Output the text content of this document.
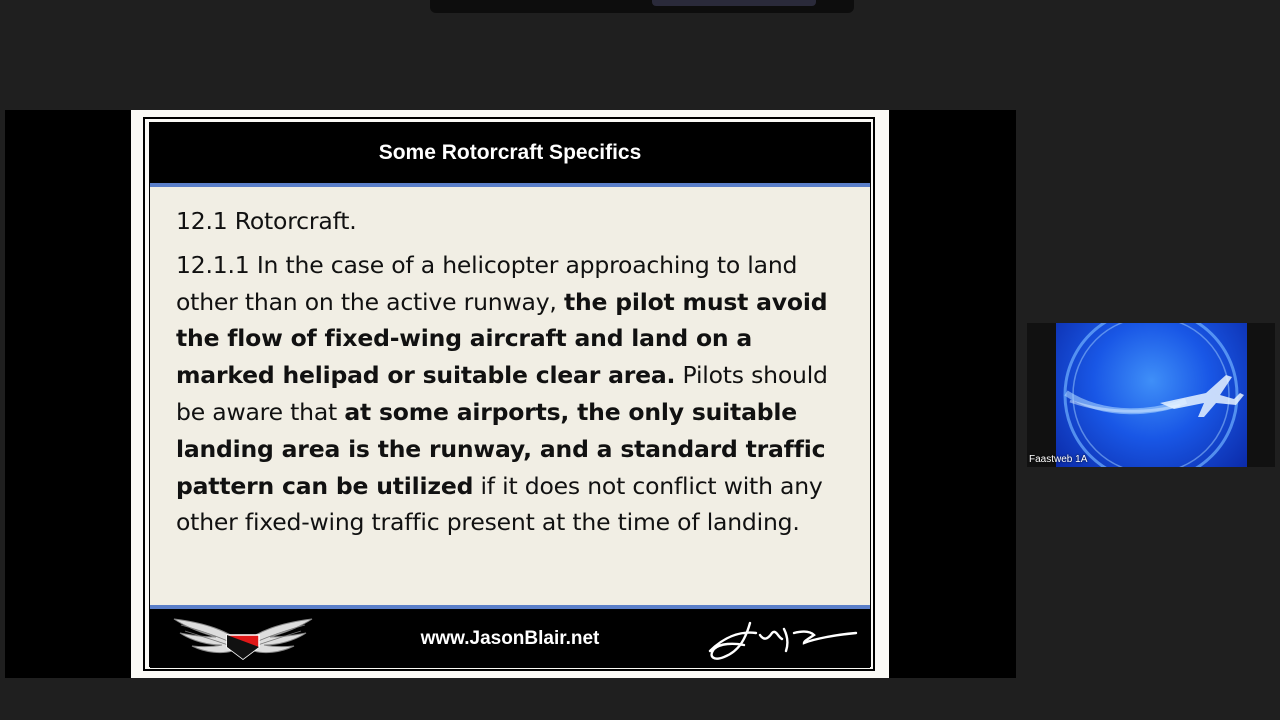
Some Rotorcraft Specifics

12.1 Rotorcraft.

12.1.1 In the case of a helicopter approaching to land other than on the active runway, the pilot must avoid the flow of fixed-wing aircraft and land on a marked helipad or suitable clear area. Pilots should be aware that at some airports, the only suitable landing area is the runway, and a standard traffic pattern can be utilized if it does not conflict with any other fixed-wing traffic present at the time of landing.

www.JasonBlair.net
Faastweb 1A
